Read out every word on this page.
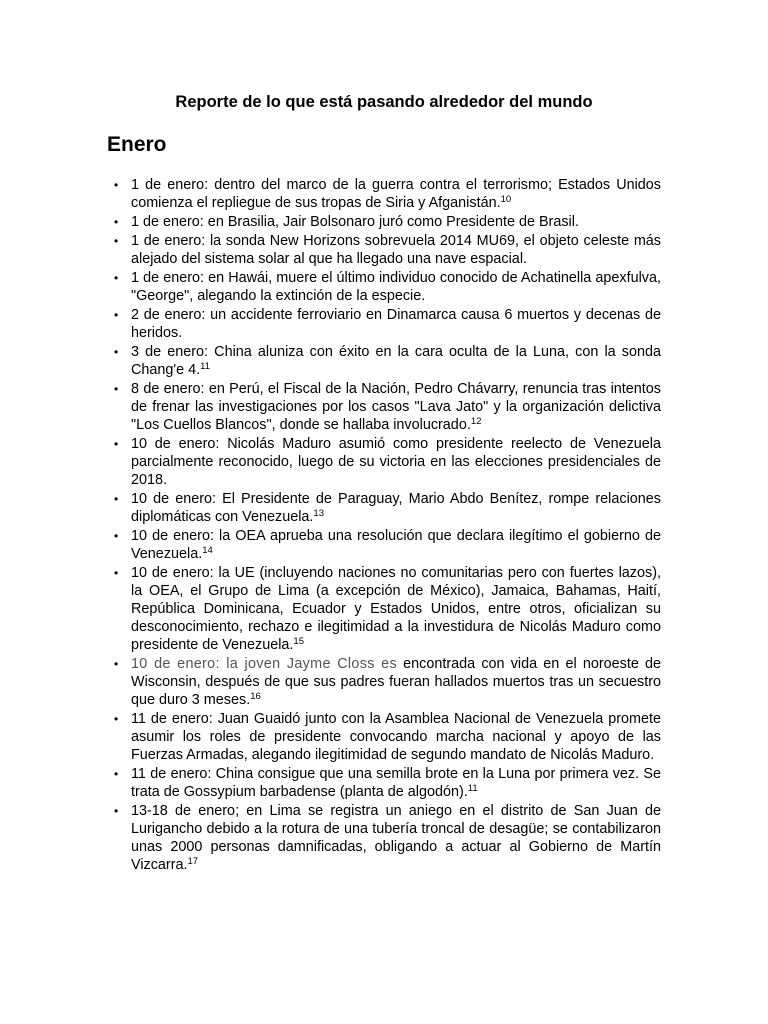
Reporte de lo que está pasando alrededor del mundo
Enero
• 1 de enero: dentro del marco de la guerra contra el terrorismo; Estados Unidos comienza el repliegue de sus tropas de Siria y Afganistán.$^{10}$
• 1 de enero: en Brasilia, Jair Bolsonaro juró como Presidente de Brasil.
• 1 de enero: la sonda New Horizons sobrevuela 2014 MU69, el objeto celeste más alejado del sistema solar al que ha llegado una nave espacial.
• 1 de enero: en Hawái, muere el último individuo conocido de Achatinella apexfulva, "George", alegando la extinción de la especie.
• 2 de enero: un accidente ferroviario en Dinamarca causa 6 muertos y decenas de heridos.
• 3 de enero: China aluniza con éxito en la cara oculta de la Luna, con la sonda Chang'e 4.11
• 8 de enero: en Perú, el Fiscal de la Nación, Pedro Chávarry, renuncia tras intentos de frenar las investigaciones por los casos "Lava Jato" y la organización delictiva "Los Cuellos Blancos", donde se hallaba involucrado.$^{12}$
• 10 de enero: Nicolás Maduro asumió como presidente reelecto de Venezuela parcialmente reconocido, luego de su victoria en las elecciones presidenciales de 2018.
• 10 de enero: El Presidente de Paraguay, Mario Abdo Benítez, rompe relaciones diplomáticas con Venezuela.$^{13}$
• 10 de enero: la OEA aprueba una resolución que declara ilegítimo el gobierno de Venezuela.$^{14}$
• 10 de enero: la UE (incluyendo naciones no comunitarias pero con fuertes lazos), la OEA, el Grupo de Lima (a excepción de México), Jamaica, Bahamas, Haití, República Dominicana, Ecuador y Estados Unidos, entre otros, oficializan su desconocimiento, rechazo e ilegitimidad a la investidura de Nicolás Maduro como presidente de Venezuela.$^{15}$
• 10 de enero: la joven Jayme Closs es encontrada con vida en el noroeste de Wisconsin, después de que sus padres fueran hallados muertos tras un secuestro que duro 3 meses.$^{16}$
• 11 de enero: Juan Guaidó junto con la Asamblea Nacional de Venezuela promete asumir los roles de presidente convocando marcha nacional y apoyo de las Fuerzas Armadas, alegando ilegitimidad de segundo mandato de Nicolás Maduro.
• 11 de enero: China consigue que una semilla brote en la Luna por primera vez. Se trata de Gossypium barbadense (planta de algodón).$^{11}$
• 13-18 de enero; en Lima se registra un aniego en el distrito de San Juan de Lurigancho debido a la rotura de una tubería troncal de desagüe; se contabilizaron unas 2000 personas damnificadas, obligando a actuar al Gobierno de Martín Vizcarra.$^{17}$
